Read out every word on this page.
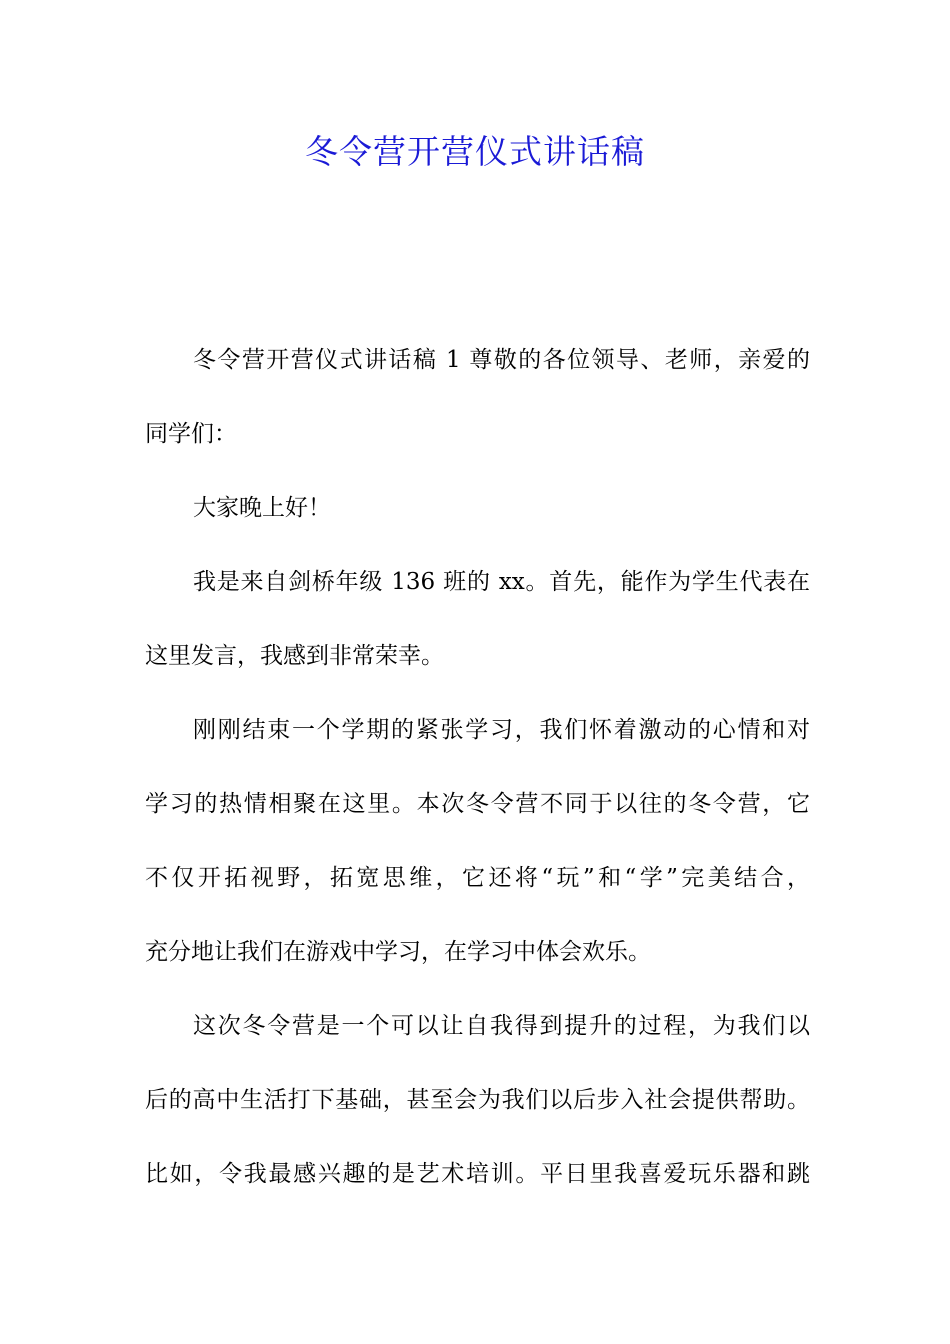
冬令营开营仪式讲话稿

冬令营开营仪式讲话稿 1 尊敬的各位领导、老师，亲爱的

同学们：

大家晚上好！

我是来自剑桥年级 136 班的 xx。首先，能作为学生代表在

这里发言，我感到非常荣幸。

刚刚结束一个学期的紧张学习，我们怀着激动的心情和对

学习的热情相聚在这里。本次冬令营不同于以往的冬令营，它

不仅开拓视野，拓宽思维，它还将“玩”和“学”完美结合，

充分地让我们在游戏中学习，在学习中体会欢乐。

这次冬令营是一个可以让自我得到提升的过程，为我们以

后的高中生活打下基础，甚至会为我们以后步入社会提供帮助。

比如，令我最感兴趣的是艺术培训。平日里我喜爱玩乐器和跳
